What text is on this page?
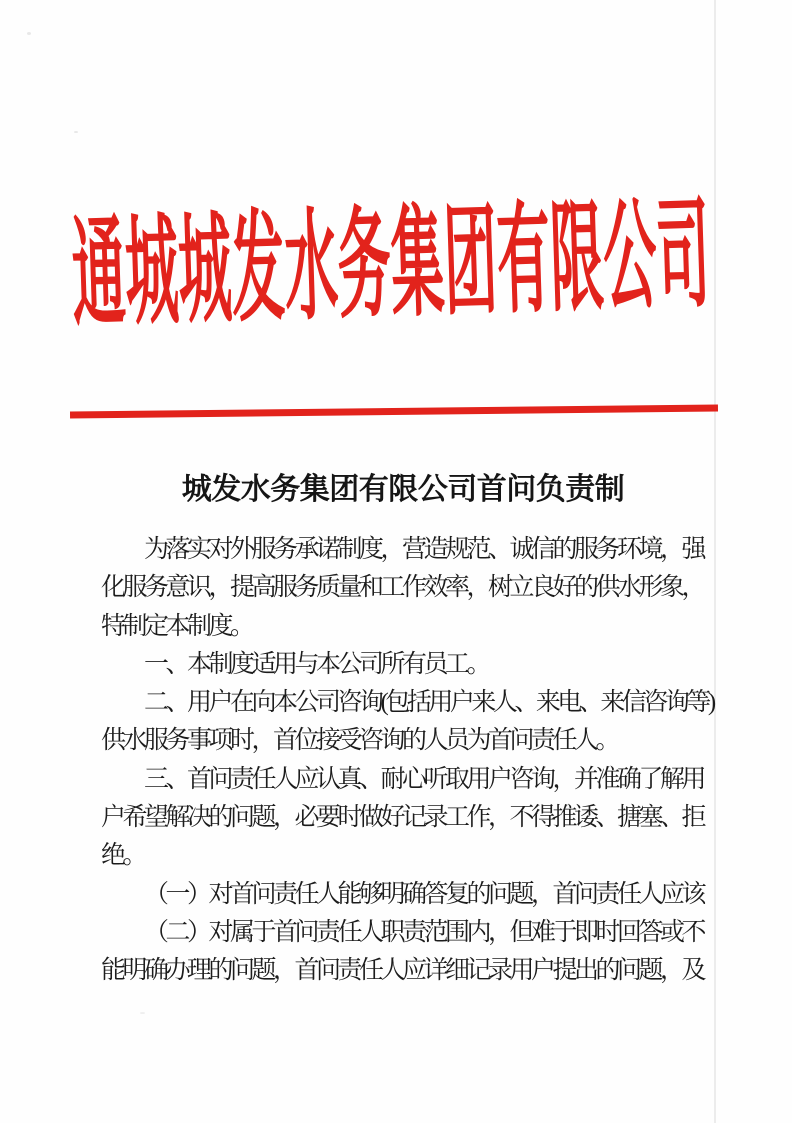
通城城发水务集团有限公司
城发水务集团有限公司首问负责制
为落实对外服务承诺制度，营造规范、诚信的服务环境，强
化服务意识，提高服务质量和工作效率，树立良好的供水形象，
特制定本制度。
一、本制度适用与本公司所有员工。
二、用户在向本公司咨询(包括用户来人、来电、来信咨询等)
供水服务事项时，首位接受咨询的人员为首问责任人。
三、首问责任人应认真、耐心听取用户咨询，并准确了解用
户希望解决的问题，必要时做好记录工作，不得推诿、搪塞、拒
绝。
（一）对首问责任人能够明确答复的问题，首问责任人应该
（二）对属于首问责任人职责范围内，但难于即时回答或不
能明确办理的问题，首问责任人应详细记录用户提出的问题，及
